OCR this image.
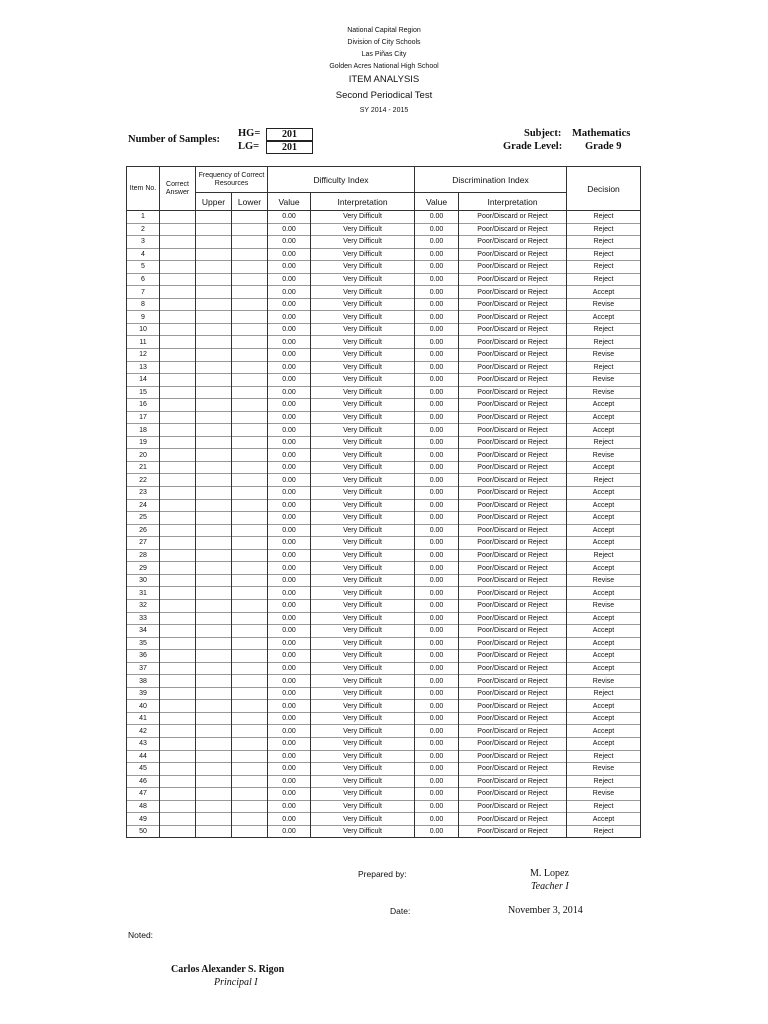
National Capital Region
Division of City Schools
Las Piñas City
Golden Acres National High School
ITEM ANALYSIS
Second Periodical Test
SY 2014 - 2015
Number of Samples:
HG=	201
LG=	201
Subject: Mathematics
Grade Level: Grade 9
Item No.	Correct Answer	Frequency of Correct Resources		Difficulty Index		Discrimination Index		Decision
		Upper	Lower	Value	Interpretation	Value	Interpretation	
1				0.00	Very Difficult	0.00	Poor/Discard or Reject	Reject
2				0.00	Very Difficult	0.00	Poor/Discard or Reject	Reject
3				0.00	Very Difficult	0.00	Poor/Discard or Reject	Reject
4				0.00	Very Difficult	0.00	Poor/Discard or Reject	Reject
5				0.00	Very Difficult	0.00	Poor/Discard or Reject	Reject
6				0.00	Very Difficult	0.00	Poor/Discard or Reject	Reject
7				0.00	Very Difficult	0.00	Poor/Discard or Reject	Accept
8				0.00	Very Difficult	0.00	Poor/Discard or Reject	Revise
9				0.00	Very Difficult	0.00	Poor/Discard or Reject	Accept
10				0.00	Very Difficult	0.00	Poor/Discard or Reject	Reject
11				0.00	Very Difficult	0.00	Poor/Discard or Reject	Reject
12				0.00	Very Difficult	0.00	Poor/Discard or Reject	Revise
13				0.00	Very Difficult	0.00	Poor/Discard or Reject	Reject
14				0.00	Very Difficult	0.00	Poor/Discard or Reject	Revise
15				0.00	Very Difficult	0.00	Poor/Discard or Reject	Revise
16				0.00	Very Difficult	0.00	Poor/Discard or Reject	Accept
17				0.00	Very Difficult	0.00	Poor/Discard or Reject	Accept
18				0.00	Very Difficult	0.00	Poor/Discard or Reject	Accept
19				0.00	Very Difficult	0.00	Poor/Discard or Reject	Reject
20				0.00	Very Difficult	0.00	Poor/Discard or Reject	Revise
21				0.00	Very Difficult	0.00	Poor/Discard or Reject	Accept
22				0.00	Very Difficult	0.00	Poor/Discard or Reject	Reject
23				0.00	Very Difficult	0.00	Poor/Discard or Reject	Accept
24				0.00	Very Difficult	0.00	Poor/Discard or Reject	Accept
25				0.00	Very Difficult	0.00	Poor/Discard or Reject	Accept
26				0.00	Very Difficult	0.00	Poor/Discard or Reject	Accept
27				0.00	Very Difficult	0.00	Poor/Discard or Reject	Accept
28				0.00	Very Difficult	0.00	Poor/Discard or Reject	Reject
29				0.00	Very Difficult	0.00	Poor/Discard or Reject	Accept
30				0.00	Very Difficult	0.00	Poor/Discard or Reject	Revise
31				0.00	Very Difficult	0.00	Poor/Discard or Reject	Accept
32				0.00	Very Difficult	0.00	Poor/Discard or Reject	Revise
33				0.00	Very Difficult	0.00	Poor/Discard or Reject	Accept
34				0.00	Very Difficult	0.00	Poor/Discard or Reject	Accept
35				0.00	Very Difficult	0.00	Poor/Discard or Reject	Accept
36				0.00	Very Difficult	0.00	Poor/Discard or Reject	Accept
37				0.00	Very Difficult	0.00	Poor/Discard or Reject	Accept
38				0.00	Very Difficult	0.00	Poor/Discard or Reject	Revise
39				0.00	Very Difficult	0.00	Poor/Discard or Reject	Reject
40				0.00	Very Difficult	0.00	Poor/Discard or Reject	Accept
41				0.00	Very Difficult	0.00	Poor/Discard or Reject	Accept
42				0.00	Very Difficult	0.00	Poor/Discard or Reject	Accept
43				0.00	Very Difficult	0.00	Poor/Discard or Reject	Accept
44				0.00	Very Difficult	0.00	Poor/Discard or Reject	Reject
45				0.00	Very Difficult	0.00	Poor/Discard or Reject	Revise
46				0.00	Very Difficult	0.00	Poor/Discard or Reject	Reject
47				0.00	Very Difficult	0.00	Poor/Discard or Reject	Revise
48				0.00	Very Difficult	0.00	Poor/Discard or Reject	Reject
49				0.00	Very Difficult	0.00	Poor/Discard or Reject	Accept
50				0.00	Very Difficult	0.00	Poor/Discard or Reject	Reject
Prepared by:	M. Lopez
Teacher I
Date:	November 3, 2014
Noted:
Carlos Alexander S. Rigon
Principal I
